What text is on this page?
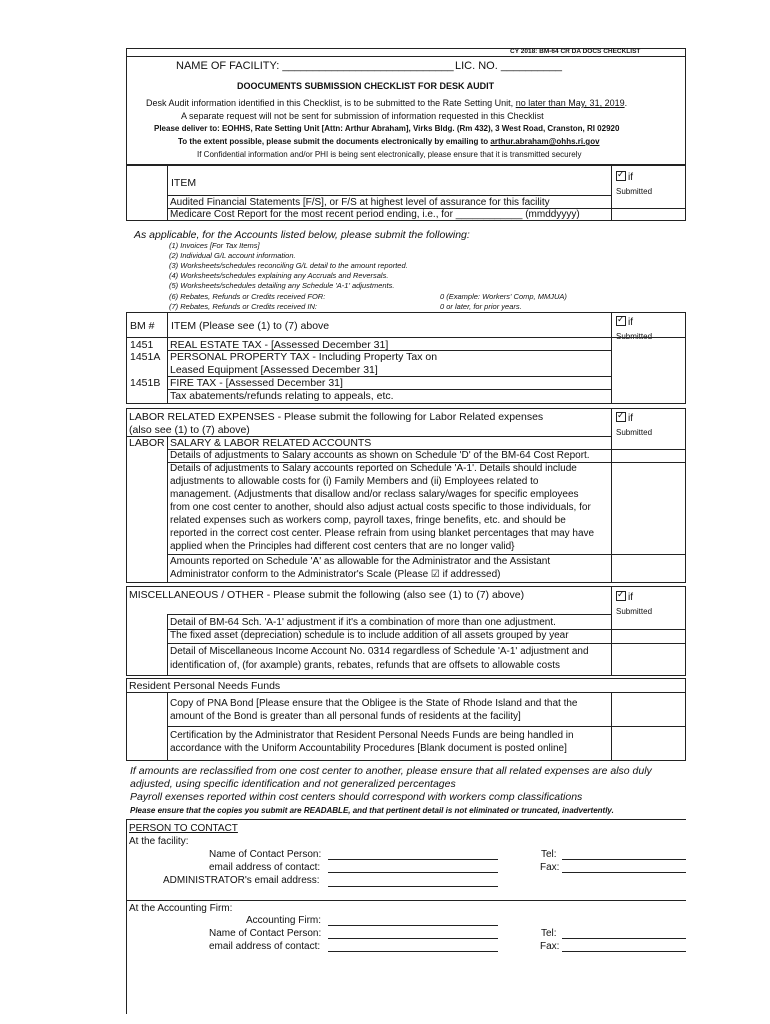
CY 2018: BM-64 CR DA DOCS CHECKLIST
NAME OF FACILITY: ____________________________ LIC. NO. __________
DOOCUMENTS SUBMISSION CHECKLIST FOR DESK AUDIT
Desk Audit information identified in this Checklist, is to be submitted to the Rate Setting Unit, no later than May, 31, 2019.
A separate request will not be sent for submission of information requested in this Checklist
Please deliver to: EOHHS, Rate Setting Unit [Attn: Arthur Abraham], Virks Bldg. (Rm 432), 3 West Road, Cranston, RI 02920
To the extent possible, please submit the documents electronically by emailing to arthur.abraham@ohhs.ri.gov
If Confidential information and/or PHI is being sent electronically, please ensure that it is transmitted securely
ITEM ✓	if
Submitted
Audited Financial Statements [F/S], or F/S at highest level of assurance for this facility
Medicare Cost Report for the most recent period ending, i.e., for ____________ (mmddyyyy)
As applicable, for the Accounts listed below, please submit the following:
(1) Invoices [For Tax Items]
(2) Individual G/L account information.
(3) Worksheets/schedules reconciling G/L detail to the amount reported.
(4) Worksheets/schedules explaining any Accruals and Reversals.
(5) Worksheets/schedules detailing any Schedule 'A-1' adjustments.
(6) Rebates, Refunds or Credits received FOR:
(7) Rebates, Refunds or Credits received IN:
0 (Example: Workers' Comp, MMJUA)
0 or later, for prior years.
BM # ITEM (Please see (1) to (7) above ✓	if
Submitted
1451 REAL ESTATE TAX - [Assessed December 31]
1451A PERSONAL PROPERTY TAX - Including Property Tax on
Leased Equipment [Assessed December 31]
1451B FIRE TAX - [Assessed December 31]
Tax abatements/refunds relating to appeals, etc.
LABOR RELATED EXPENSES - Please submit the following for Labor Related expenses
(also see (1) to (7) above)
✓if
Submitted
LABOR SALARY & LABOR RELATED ACCOUNTS
Details of adjustments to Salary accounts as shown on Schedule 'D' of the BM-64 Cost Report.
Details of adjustments to Salary accounts reported on Schedule 'A-1'. Details should include
adjustments to allowable costs for (i) Family Members and (ii) Employees related to
management. (Adjustments that disallow and/or reclass salary/wages for specific employees
from one cost center to another, should also adjust actual costs specific to those individuals, for
related expenses such as workers comp, payroll taxes, fringe benefits, etc. and should be
reported in the correct cost center. Please refrain from using blanket percentages that may have
applied when the Principles had different cost centers that are no longer valid}
Amounts reported on Schedule 'A' as allowable for the Administrator and the Assistant
Administrator conform to the Administrator's Scale (Please ☑ if addressed)
MISCELLANEOUS / OTHER - Please submit the following (also see (1) to (7) above) ✓	if
Submitted
Detail of BM-64 Sch. 'A-1' adjustment if it's a combination of more than one adjustment.
The fixed asset (depreciation) schedule is to include addition of all assets grouped by year
Detail of Miscellaneous Income Account No. 0314 regardless of Schedule 'A-1' adjustment and
identification of, (for axample) grants, rebates, refunds that are offsets to allowable costs
Resident Personal Needs Funds
Copy of PNA Bond [Please ensure that the Obligee is the State of Rhode Island and that the
amount of the Bond is greater than all personal funds of residents at the facility]
Certification by the Administrator that Resident Personal Needs Funds are being handled in
accordance with the Uniform Accountability Procedures [Blank document is posted online]
If amounts are reclassified from one cost center to another, please ensure that all related expenses are also duly
adjusted, using specific identification and not generalized percentages
Payroll exenses reported within cost centers should correspond with workers comp classifications
Please ensure that the copies you submit are READABLE, and that pertinent detail is not eliminated or truncated, inadvertently.
PERSON TO CONTACT
At the facility:
Name of Contact Person:	Tel:
email address of contact:	Fax:
ADMINISTRATOR's email address:
At the Accounting Firm:
Accounting Firm:
Name of Contact Person:	Tel:
email address of contact:	Fax:
